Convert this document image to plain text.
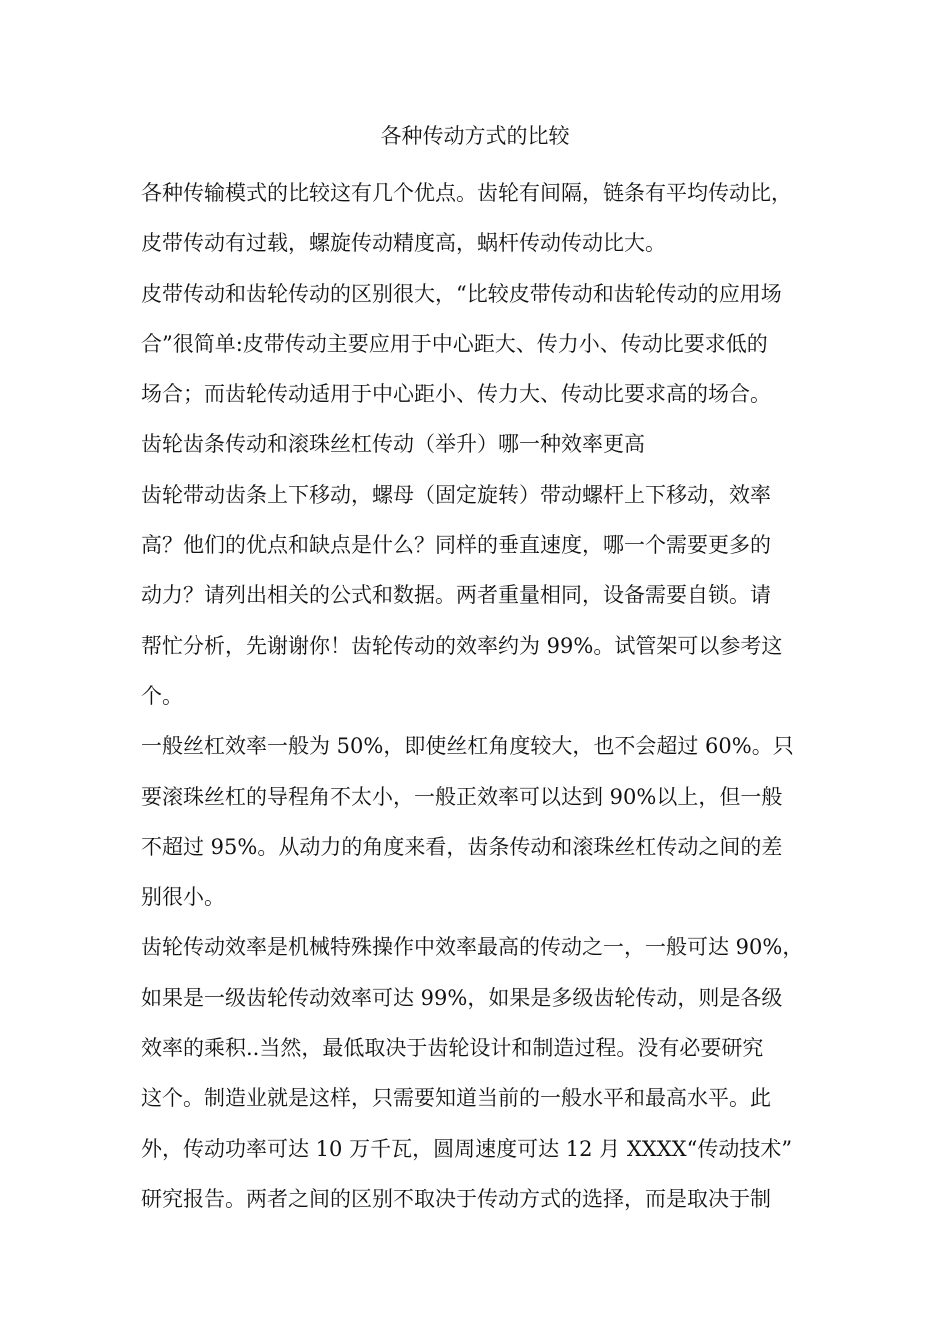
各种传动方式的比较
各种传输模式的比较这有几个优点。齿轮有间隔，链条有平均传动比，
皮带传动有过载，螺旋传动精度高，蜗杆传动传动比大。
皮带传动和齿轮传动的区别很大，“比较皮带传动和齿轮传动的应用场
合”很简单:皮带传动主要应用于中心距大、传力小、传动比要求低的
场合；而齿轮传动适用于中心距小、传力大、传动比要求高的场合。
齿轮齿条传动和滚珠丝杠传动（举升）哪一种效率更高
齿轮带动齿条上下移动，螺母（固定旋转）带动螺杆上下移动，效率
高？他们的优点和缺点是什么？同样的垂直速度，哪一个需要更多的
动力？请列出相关的公式和数据。两者重量相同，设备需要自锁。请
帮忙分析，先谢谢你！齿轮传动的效率约为 99%。试管架可以参考这
个。
一般丝杠效率一般为 50%，即使丝杠角度较大，也不会超过 60%。只
要滚珠丝杠的导程角不太小，一般正效率可以达到 90%以上，但一般
不超过 95%。从动力的角度来看，齿条传动和滚珠丝杠传动之间的差
别很小。
齿轮传动效率是机械特殊操作中效率最高的传动之一，一般可达 90%，
如果是一级齿轮传动效率可达 99%，如果是多级齿轮传动，则是各级
效率的乘积..当然，最低取决于齿轮设计和制造过程。没有必要研究
这个。制造业就是这样，只需要知道当前的一般水平和最高水平。此
外，传动功率可达 10 万千瓦，圆周速度可达 12 月 XXXX“传动技术”
研究报告。两者之间的区别不取决于传动方式的选择，而是取决于制
